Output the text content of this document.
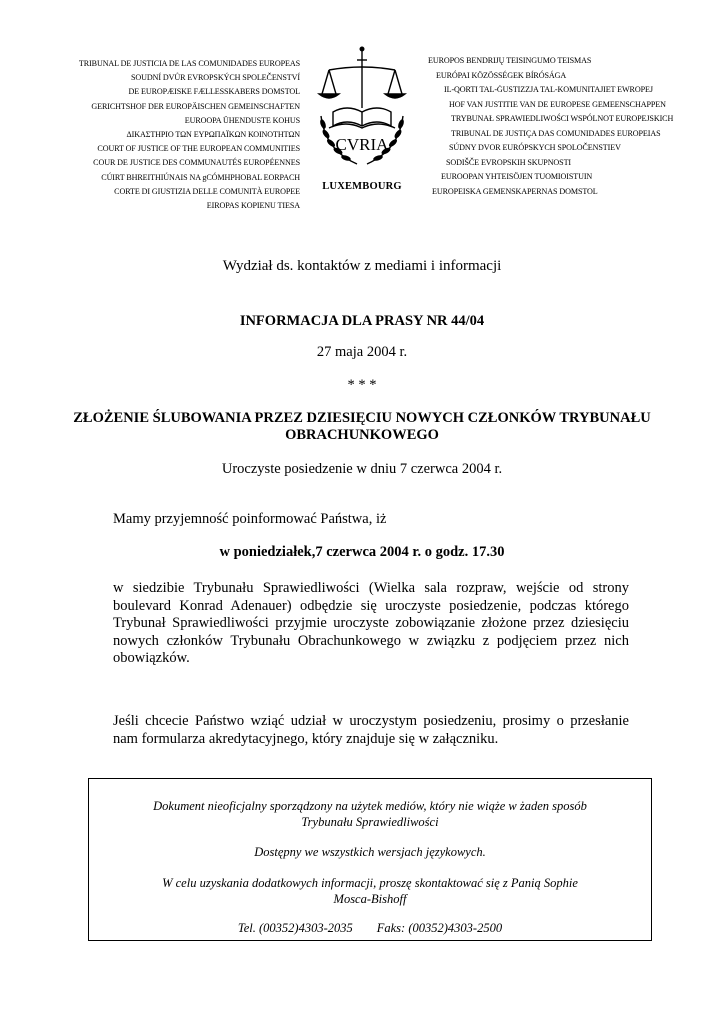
TRIBUNAL DE JUSTICIA DE LAS COMUNIDADES EUROPEAS
SOUDNÍ DVŮR EVROPSKÝCH SPOLEČENSTVÍ
DE EUROPÆISKE FÆLLESSKABERS DOMSTOL
GERICHTSHOF DER EUROPÄISCHEN GEMEINSCHAFTEN
EUROOPA ÜHENDUSTE KOHUS
ΔΙΚΑΣΤΗΡΙΟ ΤΩΝ ΕΥΡΩΠΑΪΚΩΝ ΚΟΙΝΟΤΗΤΩΝ
COURT OF JUSTICE OF THE EUROPEAN COMMUNITIES
COUR DE JUSTICE DES COMMUNAUTÉS EUROPÉENNES
CÚIRT BHREITHIÚNAIS NA gCÓMHPHOBAL EORPACH
CORTE DI GIUSTIZIA DELLE COMUNITÀ EUROPEE
EIROPAS KOPIENU TIESA
EUROPOS BENDRIJŲ TEISINGUMO TEISMAS
EURÓPAI KÖZÖSSÉGEK BÍRÓSÁGA
IL-QORTI TAL-ĠUSTIZZJA TAL-KOMUNITAJIET EWROPEJ
HOF VAN JUSTITIE VAN DE EUROPESE GEMEENSCHAPPEN
TRYBUNAŁ SPRAWIEDLIWOŚCI WSPÓLNOT EUROPEJSKICH
TRIBUNAL DE JUSTIÇA DAS COMUNIDADES EUROPEIAS
SÚDNY DVOR EURÓPSKYCH SPOLOČENSTIEV
SODIŠČE EVROPSKIH SKUPNOSTI
EUROOPAN YHTEISÖJEN TUOMIOISTUIN
EUROPEISKA GEMENSKAPERNAS DOMSTOL
CVRIA
LUXEMBOURG
Wydział ds. kontaktów z mediami i informacji
INFORMACJA DLA PRASY NR 44/04
27 maja 2004 r.
* * *
ZŁOŻENIE ŚLUBOWANIA PRZEZ DZIESIĘCIU NOWYCH CZŁONKÓW TRYBUNAŁU
OBRACHUNKOWEGO
Uroczyste posiedzenie w dniu 7 czerwca 2004 r.
Mamy przyjemność poinformować Państwa, iż
w poniedziałek,7 czerwca 2004 r. o godz. 17.30
w siedzibie Trybunału Sprawiedliwości (Wielka sala rozpraw, wejście od strony boulevard Konrad Adenauer) odbędzie się uroczyste posiedzenie, podczas którego Trybunał Sprawiedliwości przyjmie uroczyste zobowiązanie złożone przez dziesięciu nowych członków Trybunału Obrachunkowego w związku z podjęciem przez nich obowiązków.
Jeśli chcecie Państwo wziąć udział w uroczystym posiedzeniu, prosimy o przesłanie nam formularza akredytacyjnego, który znajduje się w załączniku.
Dokument nieoficjalny sporządzony na użytek mediów, który nie wiąże w żaden sposób
Trybunału Sprawiedliwości
Dostępny we wszystkich wersjach językowych.
W celu uzyskania dodatkowych informacji, proszę skontaktować się z Panią Sophie
Mosca-Bishoff
Tel. (00352)4303-2035 Faks: (00352)4303-2500
